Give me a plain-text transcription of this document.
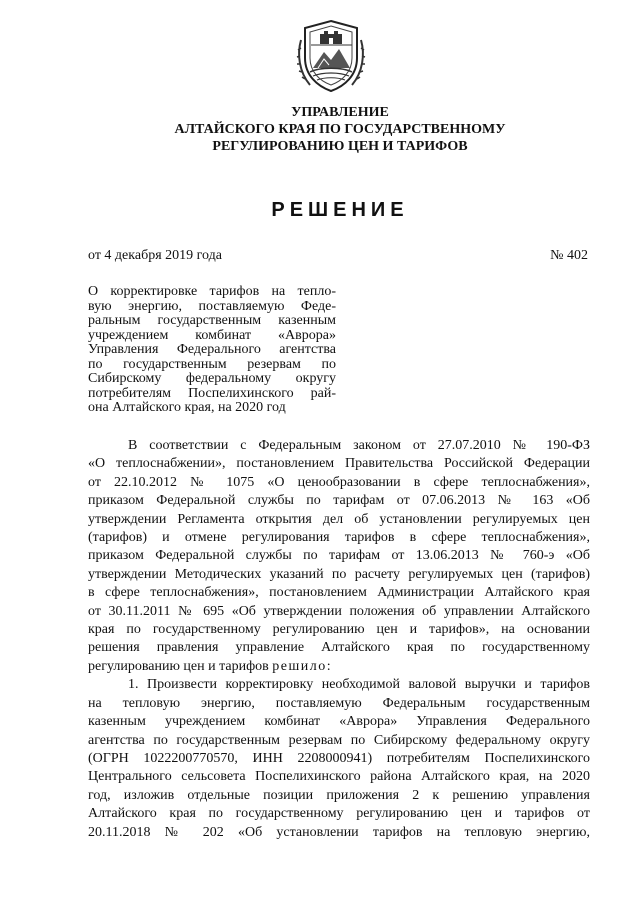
УПРАВЛЕНИЕ
АЛТАЙСКОГО КРАЯ ПО ГОСУДАРСТВЕННОМУ
РЕГУЛИРОВАНИЮ ЦЕН И ТАРИФОВ
РЕШЕНИЕ
от 4 декабря 2019 года	№ 402
О корректировке тарифов на тепло-
вую энергию, поставляемую Феде-
ральным государственным казенным
учреждением комбинат «Аврора»
Управления Федерального агентства
по государственным резервам по
Сибирскому федеральному округу
потребителям Поспелихинского рай-
она Алтайского края, на 2020 год
В соответствии с Федеральным законом от 27.07.2010 № 190-ФЗ
«О теплоснабжении», постановлением Правительства Российской Федерации
от 22.10.2012 № 1075 «О ценообразовании в сфере теплоснабжения»,
приказом Федеральной службы по тарифам от 07.06.2013 № 163 «Об
утверждении Регламента открытия дел об установлении регулируемых цен
(тарифов) и отмене регулирования тарифов в сфере теплоснабжения»,
приказом Федеральной службы по тарифам от 13.06.2013 № 760-э «Об
утверждении Методических указаний по расчету регулируемых цен (тарифов)
в сфере теплоснабжения», постановлением Администрации Алтайского края
от 30.11.2011 № 695 «Об утверждении положения об управлении Алтайского
края по государственному регулированию цен и тарифов», на основании
решения правления управление Алтайского края по государственному
регулированию цен и тарифов решило:
1. Произвести корректировку необходимой валовой выручки и тарифов
на тепловую энергию, поставляемую Федеральным государственным
казенным учреждением комбинат «Аврора» Управления Федерального
агентства по государственным резервам по Сибирскому федеральному округу
(ОГРН 1022200770570, ИНН 2208000941) потребителям Поспелихинского
Центрального сельсовета Поспелихинского района Алтайского края, на 2020
год, изложив отдельные позиции приложения 2 к решению управления
Алтайского края по государственному регулированию цен и тарифов от
20.11.2018 № 202 «Об установлении тарифов на тепловую энергию,
